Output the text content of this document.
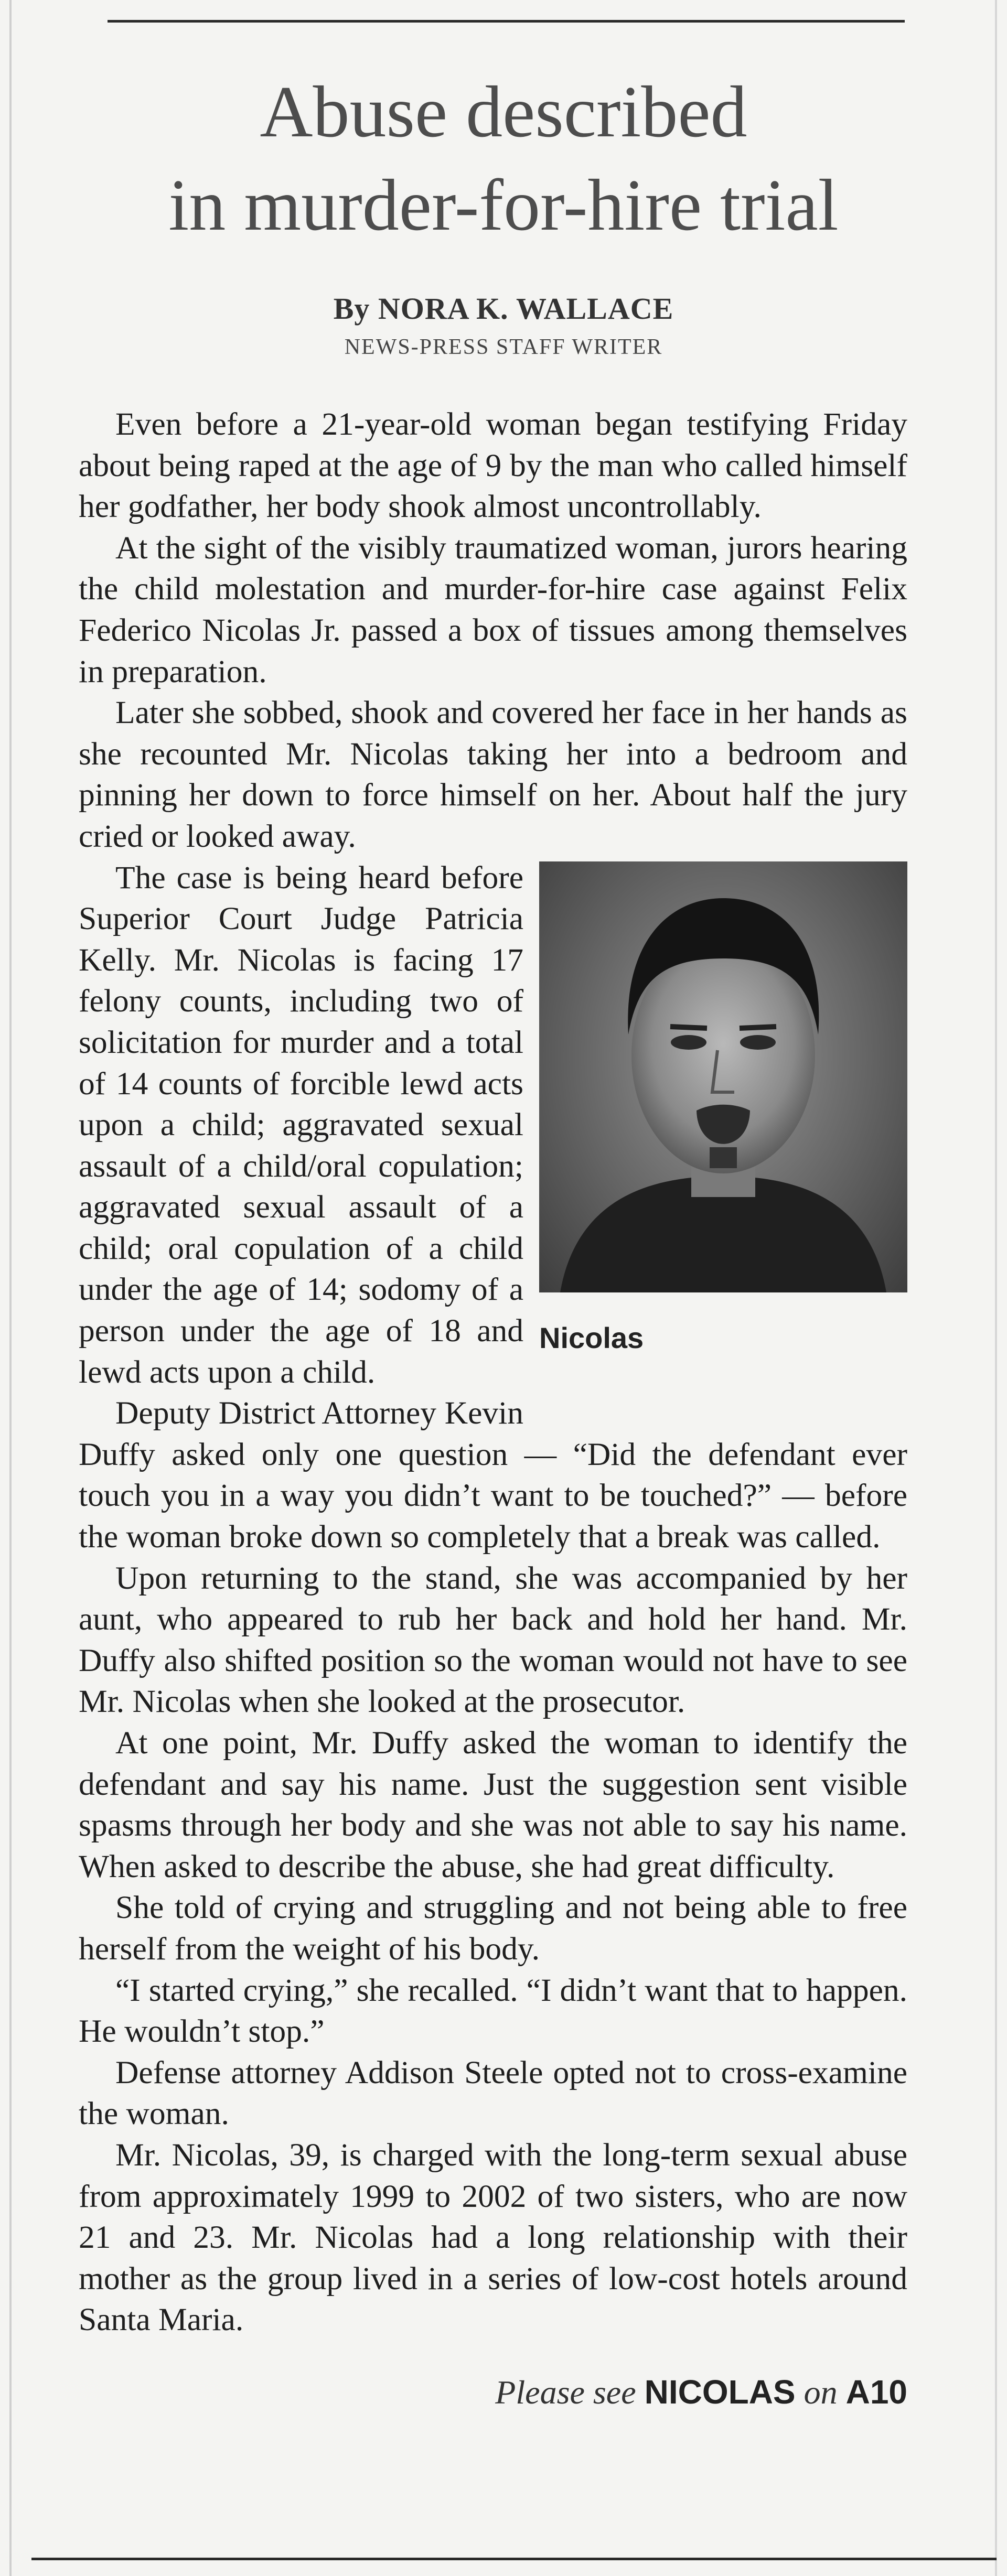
Abuse described
in murder-for-hire trial
By NORA K. WALLACE
NEWS-PRESS STAFF WRITER

Even before a 21-year-old woman began testifying Friday about being raped at the age of 9 by the man who called himself her godfather, her body shook almost uncontrollably.

At the sight of the visibly traumatized woman, jurors hearing the child molestation and murder-for-hire case against Felix Federico Nicolas Jr. passed a box of tissues among themselves in preparation.

Later she sobbed, shook and covered her face in her hands as she recounted Mr. Nicolas taking her into a bedroom and pinning her down to force himself on her. About half the jury cried or looked away.

Nicolas

The case is being heard before Superior Court Judge Patricia Kelly. Mr. Nicolas is facing 17 felony counts, including two of solicitation for murder and a total of 14 counts of forcible lewd acts upon a child; aggravated sexual assault of a child/oral copulation; aggravated sexual assault of a child; oral copulation of a child under the age of 14; sodomy of a person under the age of 18 and lewd acts upon a child.

Deputy District Attorney Kevin Duffy asked only one question — “Did the defendant ever touch you in a way you didn’t want to be touched?” — before the woman broke down so completely that a break was called.

Upon returning to the stand, she was accompanied by her aunt, who appeared to rub her back and hold her hand. Mr. Duffy also shifted position so the woman would not have to see Mr. Nicolas when she looked at the prosecutor.

At one point, Mr. Duffy asked the woman to identify the defendant and say his name. Just the suggestion sent visible spasms through her body and she was not able to say his name. When asked to describe the abuse, she had great difficulty.

She told of crying and struggling and not being able to free herself from the weight of his body.

“I started crying,” she recalled. “I didn’t want that to happen. He wouldn’t stop.”

Defense attorney Addison Steele opted not to cross-examine the woman.

Mr. Nicolas, 39, is charged with the long-term sexual abuse from approximately 1999 to 2002 of two sisters, who are now 21 and 23. Mr. Nicolas had a long relationship with their mother as the group lived in a series of low-cost hotels around Santa Maria.

Please see NICOLAS on A10
